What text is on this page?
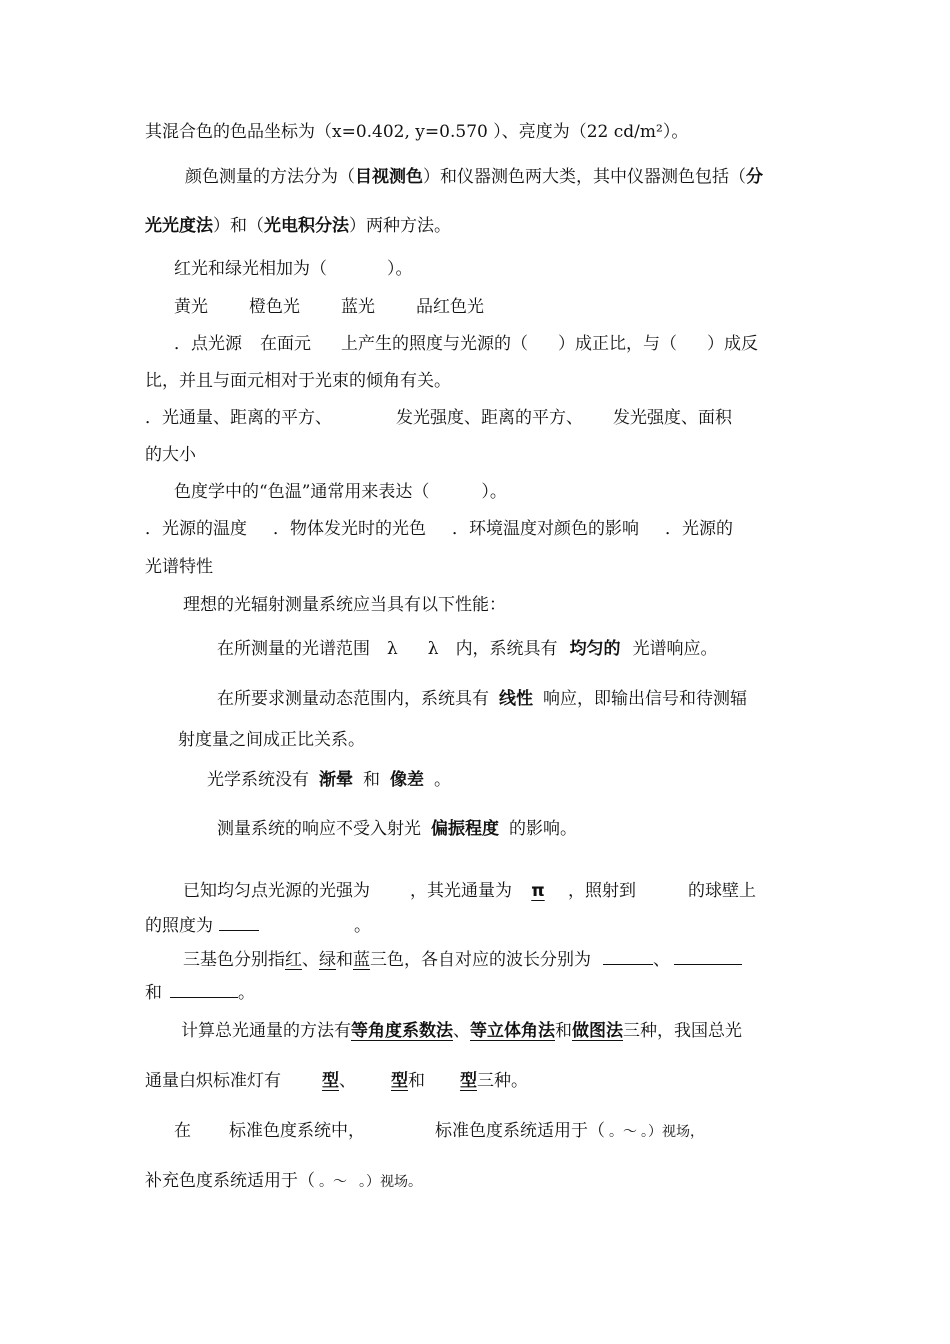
其混合色的色品坐标为（x=0.402, y=0.570 ）、亮度为（22 cd/m²）。
颜色测量的方法分为（目视测色）和仪器测色两大类，其中仪器测色包括（分
光光度法）和（光电积分法）两种方法。
红光和绿光相加为（	）。
黄光 橙色光 蓝光 品红色光
．点光源 在面元 上产生的照度与光源的（ ）成正比，与（ ）成反
比，并且与面元相对于光束的倾角有关。
．光通量、距离的平方、	发光强度、距离的平方、 发光强度、面积
的大小
色度学中的“色温”通常用来表达（	）。
．光源的温度 ．物体发光时的光色 ．环境温度对颜色的影响 ．光源的
光谱特性
理想的光辐射测量系统应当具有以下性能：
在所测量的光谱范围 λ λ 内，系统具有 均匀的 光谱响应。
在所要求测量动态范围内，系统具有 线性 响应，即输出信号和待测辐
射度量之间成正比关系。
光学系统没有 渐晕 和 像差 。
测量系统的响应不受入射光 偏振程度 的影响。
已知均匀点光源的光强为 ，其光通量为 π ，照射到	的球壁上
的照度为	。
三基色分别指红、绿和蓝三色，各自对应的波长分别为	、
和	。
计算总光通量的方法有等角度系数法、等立体角法和做图法三种，我国总光
通量白炽标准灯有 型、 型和 型三种。
在 标准色度系统中，	标准色度系统适用于（ 。～ 。）视场，
补充色度系统适用于（ 。～ 。）视场。
